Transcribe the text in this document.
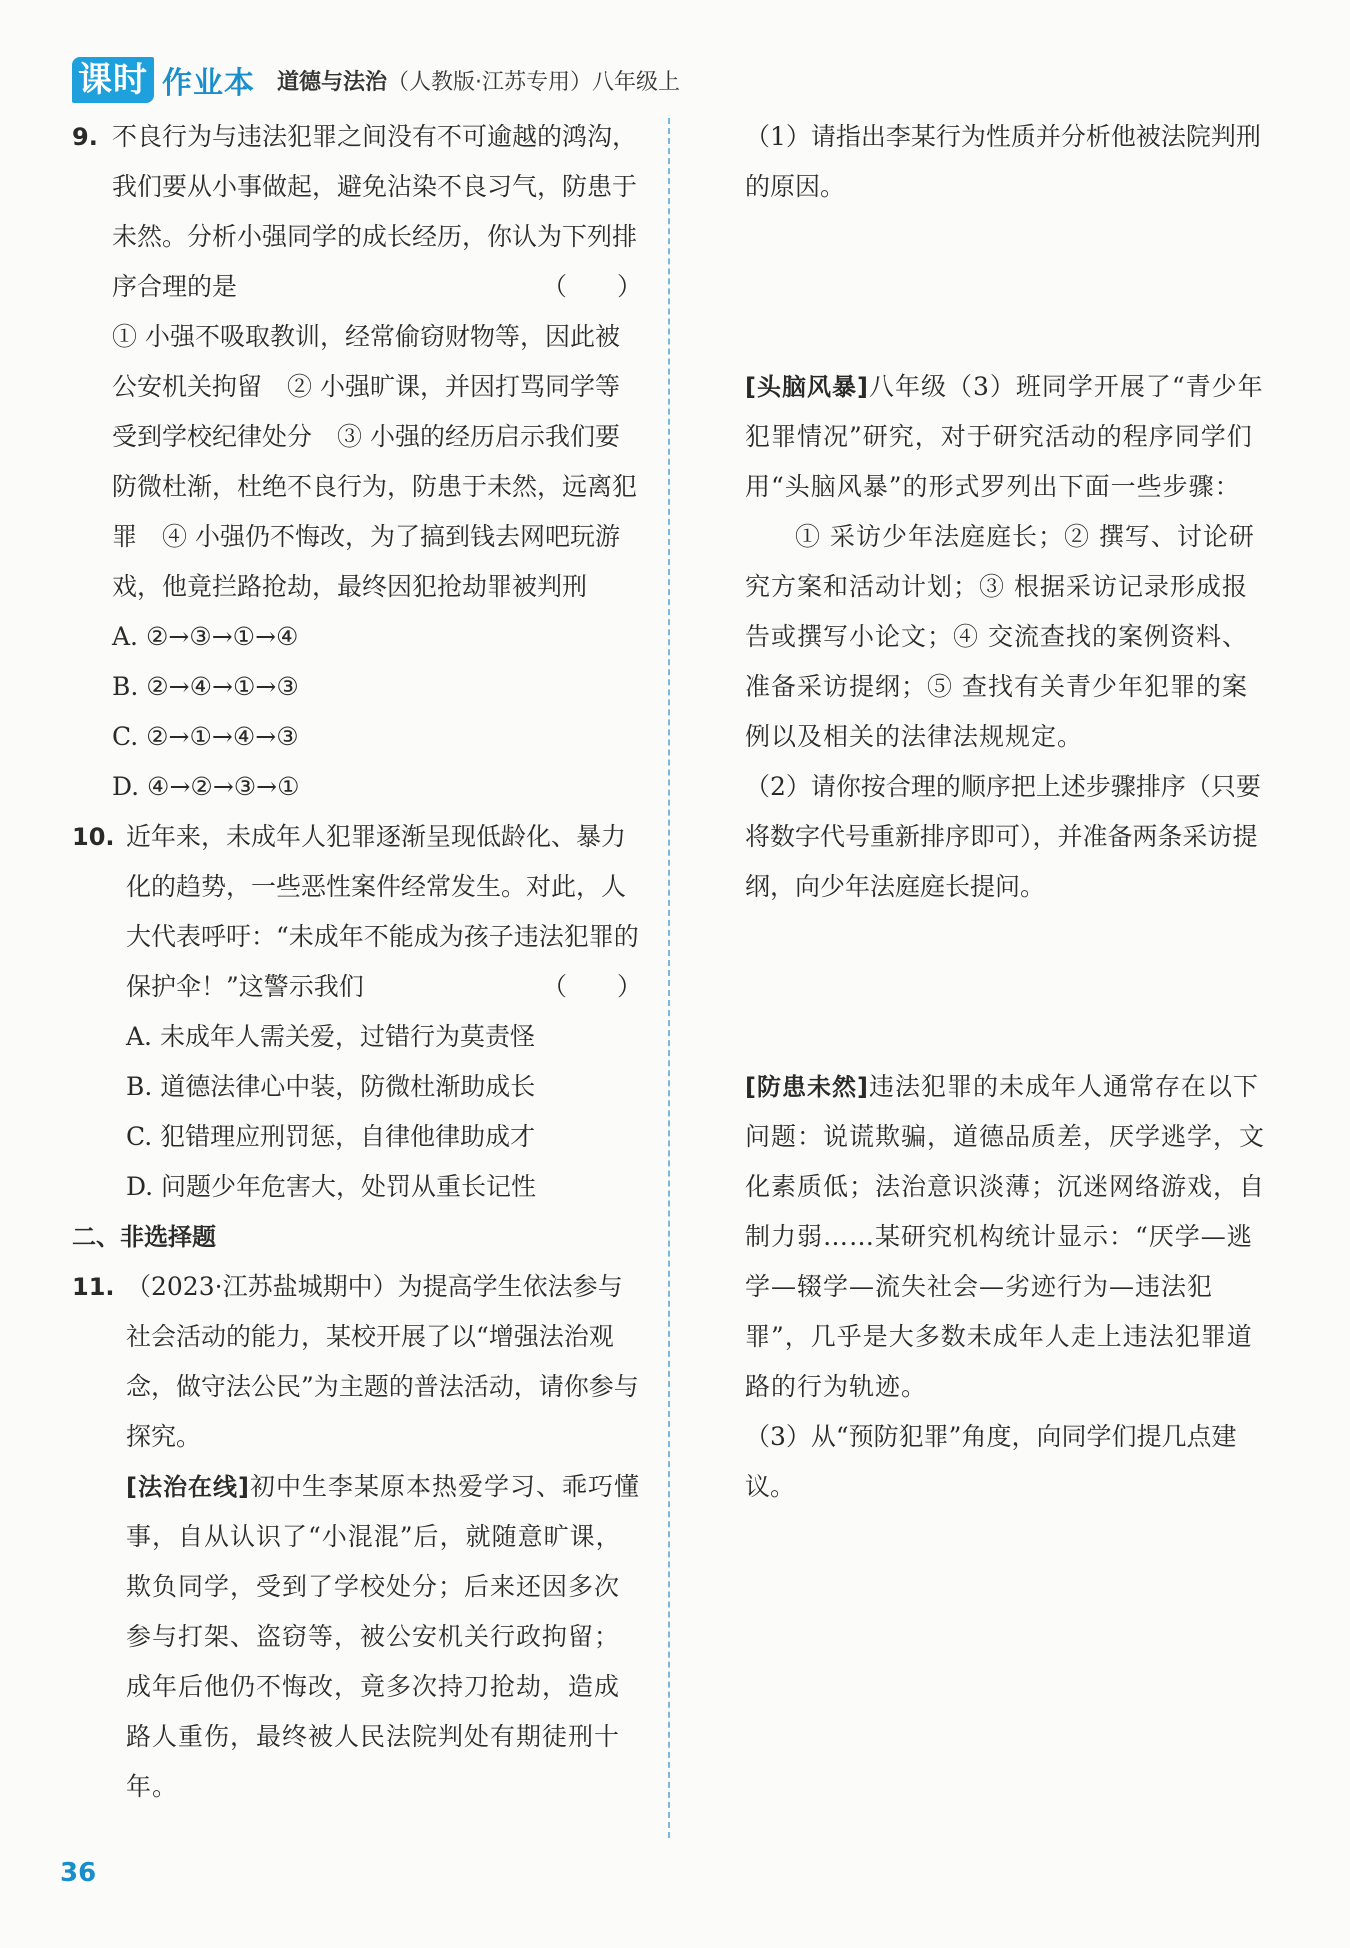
课时 作业本 道德与法治（人教版·江苏专用）八年级上
9. 不良行为与违法犯罪之间没有不可逾越的鸿沟，我们要从小事做起，避免沾染不良习气，防患于未然。分析小强同学的成长经历，你认为下列排序合理的是	（　　）
① 小强不吸取教训，经常偷窃财物等，因此被公安机关拘留　② 小强旷课，并因打骂同学等受到学校纪律处分　③ 小强的经历启示我们要防微杜渐，杜绝不良行为，防患于未然，远离犯罪　④ 小强仍不悔改，为了搞到钱去网吧玩游戏，他竟拦路抢劫，最终因犯抢劫罪被判刑
A. ②→③→①→④
B. ②→④→①→③
C. ②→①→④→③
D. ④→②→③→①
10. 近年来，未成年人犯罪逐渐呈现低龄化、暴力化的趋势，一些恶性案件经常发生。对此，人大代表呼吁：“未成年不能成为孩子违法犯罪的保护伞！”这警示我们	（　　）
A. 未成年人需关爱，过错行为莫责怪
B. 道德法律心中装，防微杜渐助成长
C. 犯错理应刑罚惩，自律他律助成才
D. 问题少年危害大，处罚从重长记性
二、非选择题
11. （2023·江苏盐城期中）为提高学生依法参与社会活动的能力，某校开展了以“增强法治观念，做守法公民”为主题的普法活动，请你参与探究。
[法治在线]初中生李某原本热爱学习、乖巧懂事，自从认识了“小混混”后，就随意旷课，欺负同学，受到了学校处分；后来还因多次参与打架、盗窃等，被公安机关行政拘留；成年后他仍不悔改，竟多次持刀抢劫，造成路人重伤，最终被人民法院判处有期徒刑十年。
（1）请指出李某行为性质并分析他被法院判刑的原因。
[头脑风暴]八年级（3）班同学开展了“青少年犯罪情况”研究，对于研究活动的程序同学们用“头脑风暴”的形式罗列出下面一些步骤：
① 采访少年法庭庭长；② 撰写、讨论研究方案和活动计划；③ 根据采访记录形成报告或撰写小论文；④ 交流查找的案例资料、准备采访提纲；⑤ 查找有关青少年犯罪的案例以及相关的法律法规规定。
（2）请你按合理的顺序把上述步骤排序（只要将数字代号重新排序即可），并准备两条采访提纲，向少年法庭庭长提问。
[防患未然]违法犯罪的未成年人通常存在以下问题：说谎欺骗，道德品质差，厌学逃学，文化素质低；法治意识淡薄；沉迷网络游戏，自制力弱……某研究机构统计显示：“厌学—逃学—辍学—流失社会—劣迹行为—违法犯罪”，几乎是大多数未成年人走上违法犯罪道路的行为轨迹。
（3）从“预防犯罪”角度，向同学们提几点建议。
36
